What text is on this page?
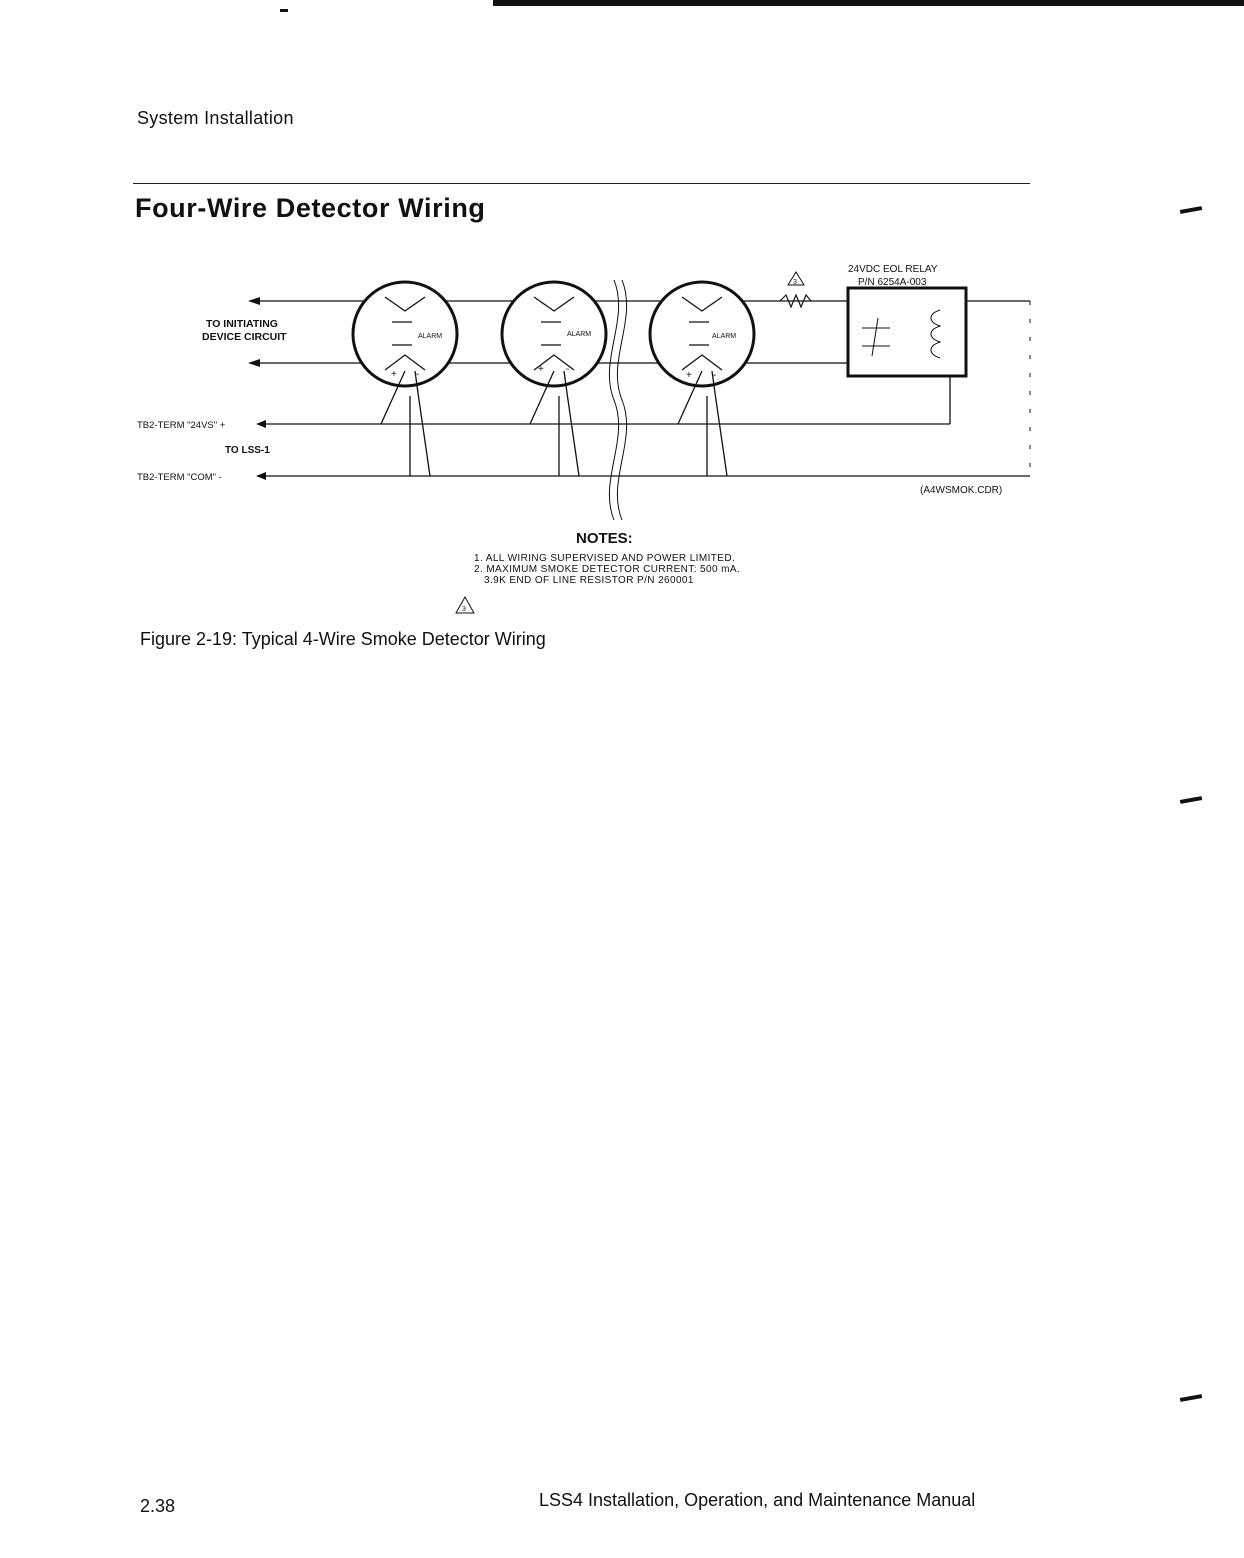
System Installation
Four-Wire Detector Wiring
TO INITIATING
DEVICE CIRCUIT
TB2-TERM "24VS" +
TO LSS-1
TB2-TERM "COM" -
ALARM	ALARM	ALARM
+ -	+ -
+ -
24VDC EOL RELAY
P/N 6254A-003
3
(A4WSMOK.CDR)
3
NOTES:
1. ALL WIRING SUPERVISED AND POWER LIMITED.
2. MAXIMUM SMOKE DETECTOR CURRENT: 500 mA.
3.9K END OF LINE RESISTOR P/N 260001
Figure 2-19: Typical 4-Wire Smoke Detector Wiring
2.38	LSS4 Installation, Operation, and Maintenance Manual
